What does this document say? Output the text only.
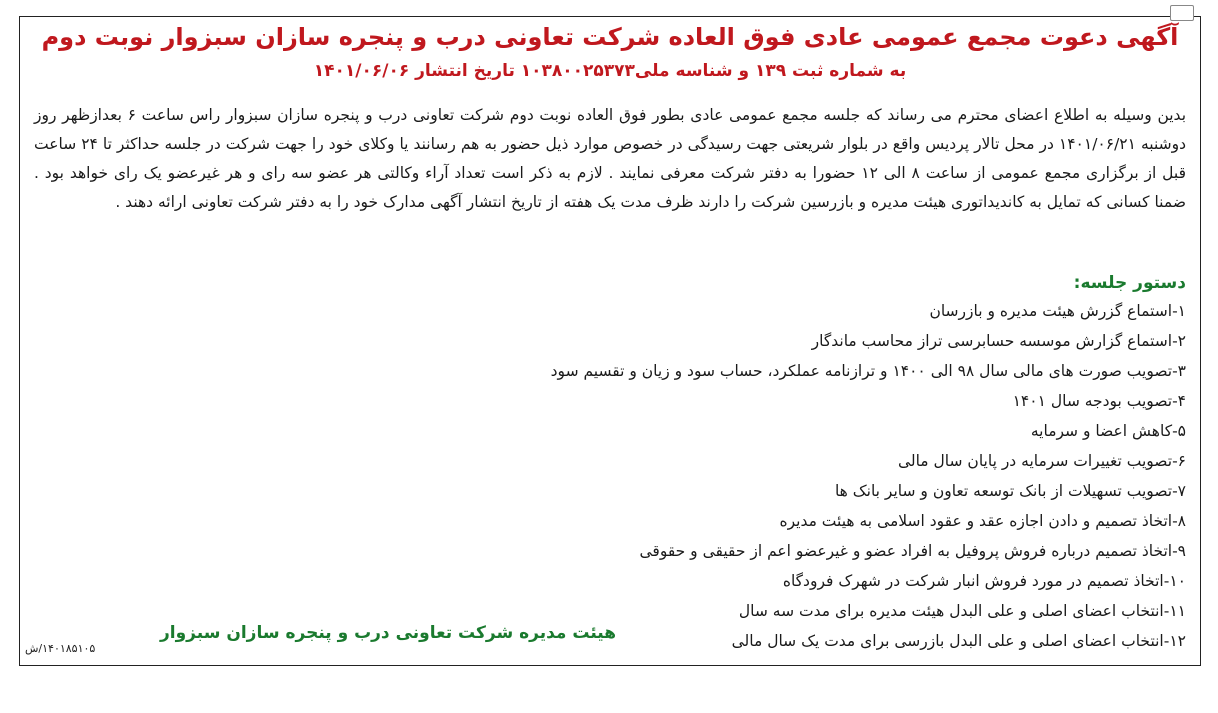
آگهی دعوت مجمع عمومی عادی فوق العاده شرکت تعاونی درب و پنجره سازان سبزوار نوبت دوم
به شماره ثبت ۱۳۹ و شناسه ملی۱۰۳۸۰۰۲۵۳۷۳ تاریخ انتشار ۱۴۰۱/۰۶/۰۶
بدین وسیله به اطلاع اعضای محترم می رساند که جلسه مجمع عمومی عادی بطور فوق العاده نوبت دوم شرکت تعاونی درب و پنجره سازان سبزوار راس ساعت ۶ بعدازظهر روز دوشنبه ۱۴۰۱/۰۶/۲۱ در محل تالار پردیس واقع در بلوار شریعتی جهت رسیدگی در خصوص موارد ذیل حضور به هم رسانند یا وکلای خود را جهت شرکت در جلسه حداکثر تا ۲۴ ساعت قبل از برگزاری مجمع عمومی از ساعت ۸ الی ۱۲ حضورا به دفتر شرکت معرفی نمایند . لازم به ذکر است تعداد آراء وکالتی هر عضو سه رای و هر غیرعضو یک رای خواهد بود . ضمنا کسانی که تمایل به کاندیداتوری هیئت مدیره و بازرسین شرکت را دارند ظرف مدت یک هفته از تاریخ انتشار آگهی مدارک خود را به دفتر شرکت تعاونی ارائه دهند .
دستور جلسه:
۱-استماع گزرش هیئت مدیره و بازرسان
۲-استماع گزارش موسسه حسابرسی تراز محاسب ماندگار
۳-تصویب صورت های مالی سال ۹۸ الی ۱۴۰۰ و ترازنامه عملکرد، حساب سود و زیان و تقسیم سود
۴-تصویب بودجه سال ۱۴۰۱
۵-کاهش اعضا و سرمایه
۶-تصویب تغییرات سرمایه در پایان سال مالی
۷-تصویب تسهیلات از بانک توسعه تعاون و سایر بانک ها
۸-اتخاذ تصمیم و دادن اجازه عقد و عقود اسلامی به هیئت مدیره
۹-اتخاذ تصمیم درباره فروش پروفیل به افراد عضو و غیرعضو اعم از حقیقی و حقوقی
۱۰-اتخاذ تصمیم در مورد فروش انبار شرکت در شهرک فرودگاه
۱۱-انتخاب اعضای اصلی و علی البدل هیئت مدیره برای مدت سه سال
۱۲-انتخاب اعضای اصلی و علی البدل بازرسی برای مدت یک سال مالی
هیئت مدیره شرکت تعاونی درب و پنجره سازان سبزوار
۱۴۰۱۸۵۱۰۵/ش
